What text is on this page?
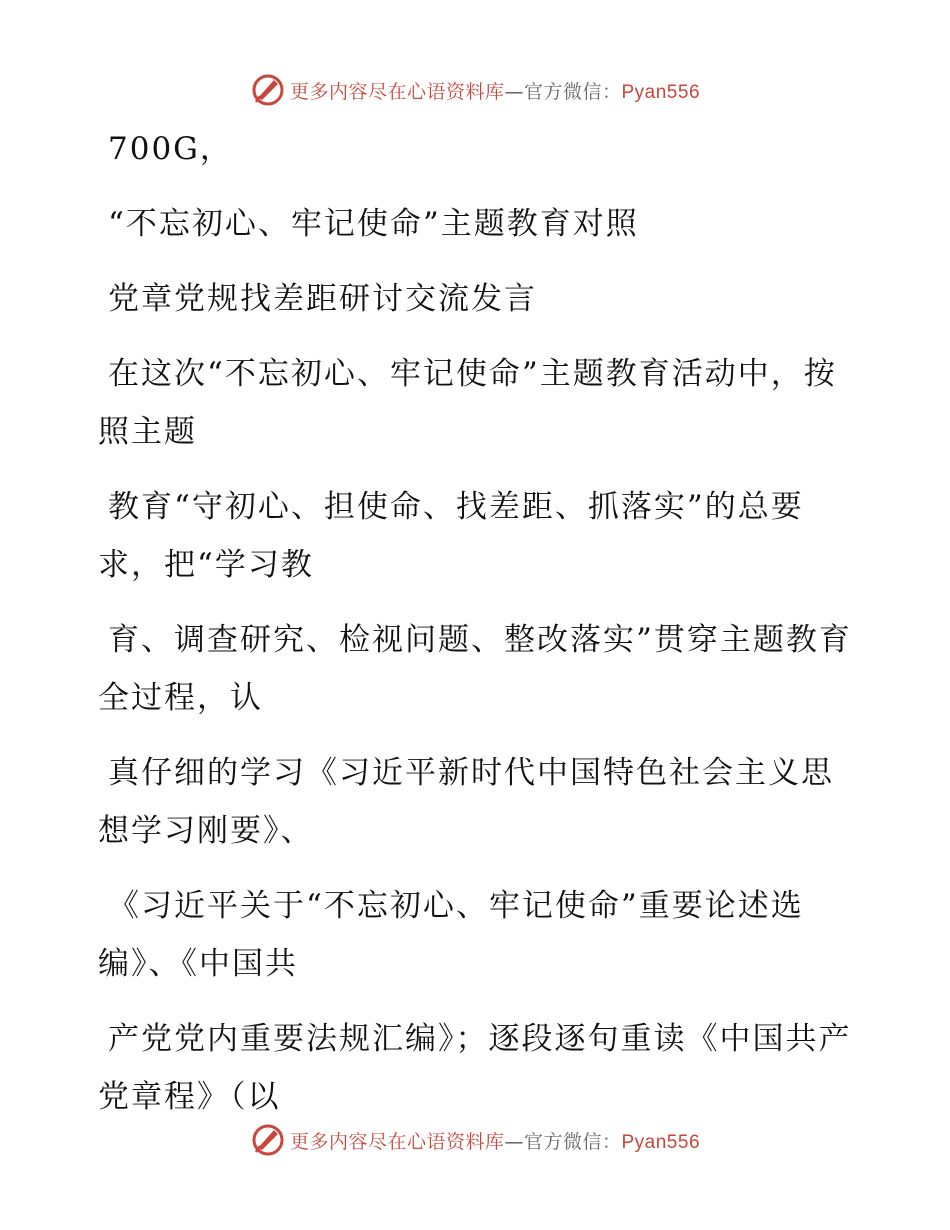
更多内容尽在心语资料库—官方微信：Pyan556

700G，

“不忘初心、牢记使命”主题教育对照

党章党规找差距研讨交流发言

在这次“不忘初心、牢记使命”主题教育活动中，按照主题

教育“守初心、担使命、找差距、抓落实”的总要求，把“学习教

育、调查研究、检视问题、整改落实”贯穿主题教育全过程，认

真仔细的学习《习近平新时代中国特色社会主义思想学习刚要》、

《习近平关于“不忘初心、牢记使命”重要论述选编》、《中国共

产党党内重要法规汇编》；逐段逐句重读《中国共产党章程》（以

更多内容尽在心语资料库—官方微信：Pyan556
